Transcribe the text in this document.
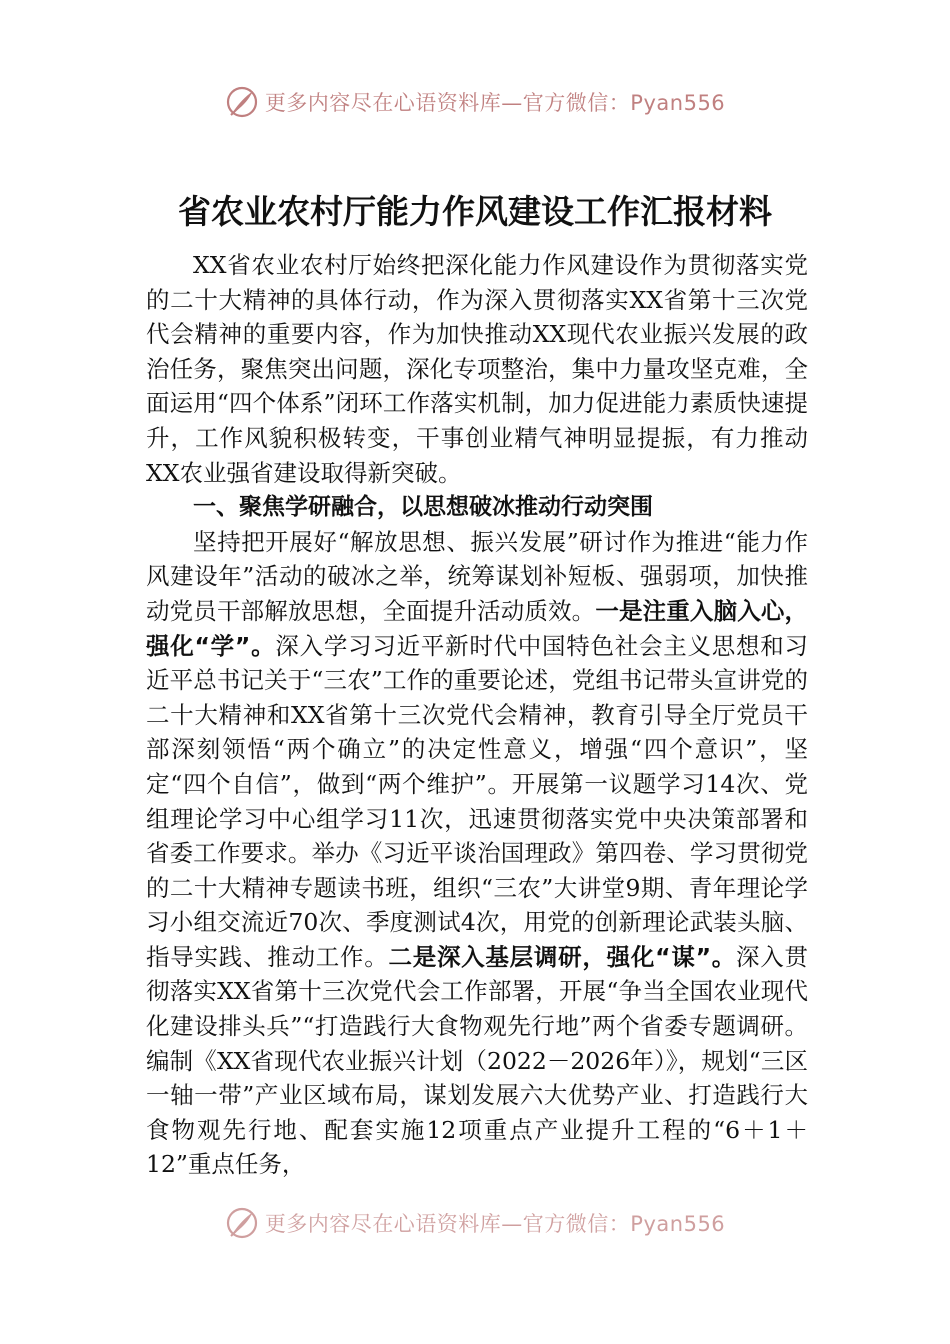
更多内容尽在心语资料库—官方微信：Pyan556
省农业农村厅能力作风建设工作汇报材料

XX省农业农村厅始终把深化能力作风建设作为贯彻落实党的二十大精神的具体行动，作为深入贯彻落实XX省第十三次党代会精神的重要内容，作为加快推动XX现代农业振兴发展的政治任务，聚焦突出问题，深化专项整治，集中力量攻坚克难，全面运用“四个体系”闭环工作落实机制，加力促进能力素质快速提升，工作风貌积极转变，干事创业精气神明显提振，有力推动XX农业强省建设取得新突破。

一、聚焦学研融合，以思想破冰推动行动突围

坚持把开展好“解放思想、振兴发展”研讨作为推进“能力作风建设年”活动的破冰之举，统筹谋划补短板、强弱项，加快推动党员干部解放思想，全面提升活动质效。一是注重入脑入心，强化“学”。深入学习习近平新时代中国特色社会主义思想和习近平总书记关于“三农”工作的重要论述，党组书记带头宣讲党的二十大精神和XX省第十三次党代会精神，教育引导全厅党员干部深刻领悟“两个确立”的决定性意义，增强“四个意识”，坚定“四个自信”，做到“两个维护”。开展第一议题学习14次、党组理论学习中心组学习11次，迅速贯彻落实党中央决策部署和省委工作要求。举办《习近平谈治国理政》第四卷、学习贯彻党的二十大精神专题读书班，组织“三农”大讲堂9期、青年理论学习小组交流近70次、季度测试4次，用党的创新理论武装头脑、指导实践、推动工作。二是深入基层调研，强化“谋”。深入贯彻落实XX省第十三次党代会工作部署，开展“争当全国农业现代化建设排头兵”“打造践行大食物观先行地”两个省委专题调研。编制《XX省现代农业振兴计划（2022－2026年）》，规划“三区一轴一带”产业区域布局，谋划发展六大优势产业、打造践行大食物观先行地、配套实施12项重点产业提升工程的“6＋1＋12”重点任务，

更多内容尽在心语资料库—官方微信：Pyan556
